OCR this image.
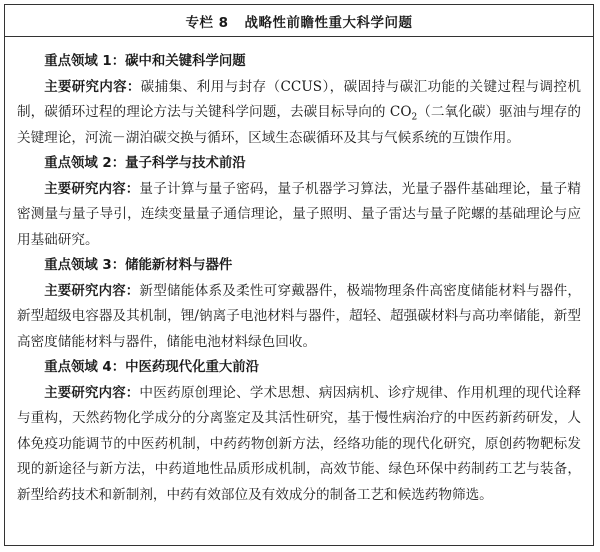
专栏 8 战略性前瞻性重大科学问题

重点领域 1：碳中和关键科学问题

主要研究内容：碳捕集、利用与封存（CCUS），碳固持与碳汇功能的关键过程与调控机制，碳循环过程的理论方法与关键科学问题，去碳目标导向的 $CO_2$（二氧化碳）驱油与埋存的关键理论，河流－湖泊碳交换与循环，区域生态碳循环及其与气候系统的互馈作用。

重点领域 2：量子科学与技术前沿

主要研究内容：量子计算与量子密码，量子机器学习算法，光量子器件基础理论，量子精密测量与量子导引，连续变量量子通信理论，量子照明、量子雷达与量子陀螺的基础理论与应用基础研究。

重点领域 3：储能新材料与器件

主要研究内容：新型储能体系及柔性可穿戴器件，极端物理条件高密度储能材料与器件，新型超级电容器及其机制，锂/钠离子电池材料与器件，超轻、超强碳材料与高功率储能，新型高密度储能材料与器件，储能电池材料绿色回收。

重点领域 4：中医药现代化重大前沿

主要研究内容：中医药原创理论、学术思想、病因病机、诊疗规律、作用机理的现代诠释与重构，天然药物化学成分的分离鉴定及其活性研究，基于慢性病治疗的中医药新药研发，人体免疫功能调节的中医药机制，中药药物创新方法，经络功能的现代化研究，原创药物靶标发现的新途径与新方法，中药道地性品质形成机制，高效节能、绿色环保中药制药工艺与装备，新型给药技术和新制剂，中药有效部位及有效成分的制备工艺和候选药物筛选。
